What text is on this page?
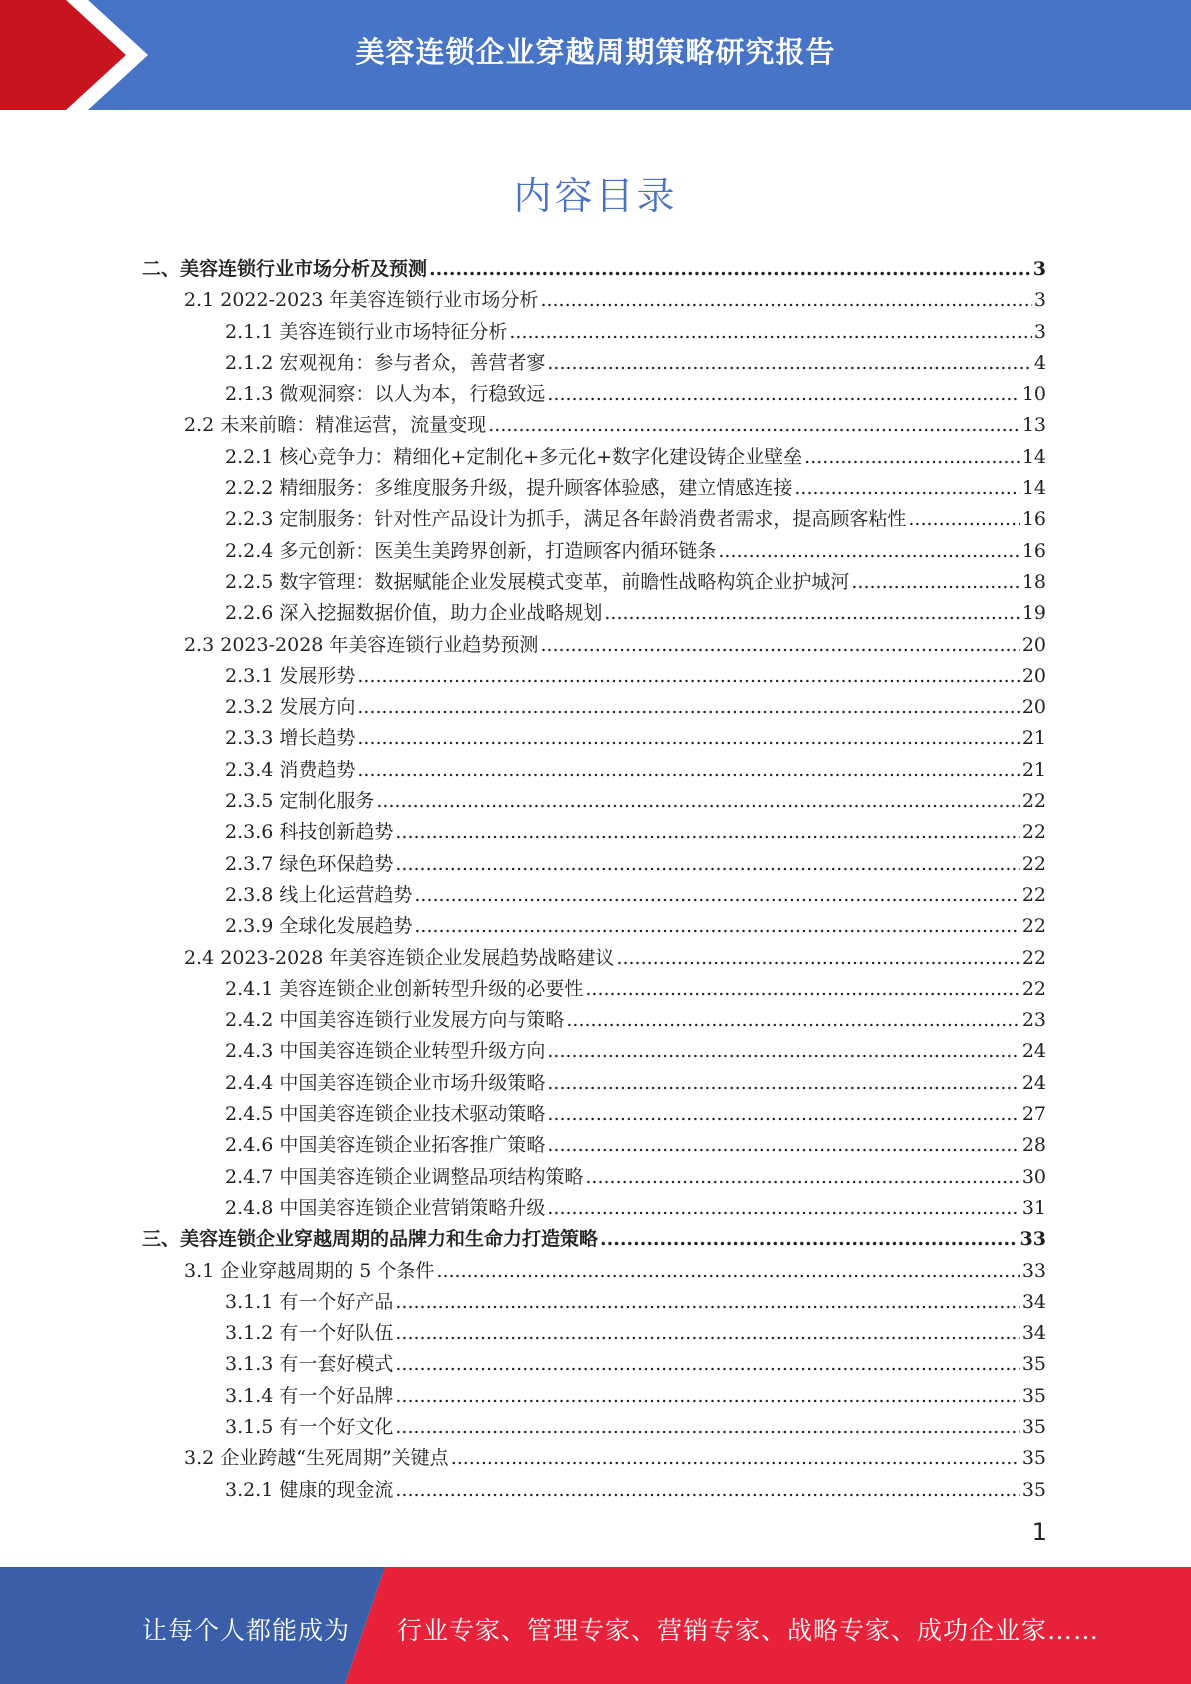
美容连锁企业穿越周期策略研究报告
内容目录
二、美容连锁行业市场分析及预测 .....	3
2.1 2022-2023 年美容连锁行业市场分析 .....	3
2.1.1 美容连锁行业市场特征分析 .....	3
2.1.2 宏观视角：参与者众，善营者寥 .....	4
2.1.3 微观洞察：以人为本，行稳致远 .....	10
2.2 未来前瞻：精准运营，流量变现 .....	13
2.2.1 核心竞争力：精细化+定制化+多元化+数字化建设铸企业壁垒 .....	14
2.2.2 精细服务：多维度服务升级，提升顾客体验感，建立情感连接 .....	14
2.2.3 定制服务：针对性产品设计为抓手，满足各年龄消费者需求，提高顾客粘性 .....	16
2.2.4 多元创新：医美生美跨界创新，打造顾客内循环链条 .....	16
2.2.5 数字管理：数据赋能企业发展模式变革，前瞻性战略构筑企业护城河 .....	18
2.2.6 深入挖掘数据价值，助力企业战略规划 .....	19
2.3 2023-2028 年美容连锁行业趋势预测 .....	20
2.3.1 发展形势 .....	20
2.3.2 发展方向 .....	20
2.3.3 增长趋势 .....	21
2.3.4 消费趋势 .....	21
2.3.5 定制化服务 .....	22
2.3.6 科技创新趋势 .....	22
2.3.7 绿色环保趋势 .....	22
2.3.8 线上化运营趋势 .....	22
2.3.9 全球化发展趋势 .....	22
2.4 2023-2028 年美容连锁企业发展趋势战略建议 .....	22
2.4.1 美容连锁企业创新转型升级的必要性 .....	22
2.4.2 中国美容连锁行业发展方向与策略 .....	23
2.4.3 中国美容连锁企业转型升级方向 .....	24
2.4.4 中国美容连锁企业市场升级策略 .....	24
2.4.5 中国美容连锁企业技术驱动策略 .....	27
2.4.6 中国美容连锁企业拓客推广策略 .....	28
2.4.7 中国美容连锁企业调整品项结构策略 .....	30
2.4.8 中国美容连锁企业营销策略升级 .....	31
三、美容连锁企业穿越周期的品牌力和生命力打造策略 .....	33
3.1 企业穿越周期的 5 个条件 .....	33
3.1.1 有一个好产品 .....	34
3.1.2 有一个好队伍 .....	34
3.1.3 有一套好模式 .....	35
3.1.4 有一个好品牌 .....	35
3.1.5 有一个好文化 .....	35
3.2 企业跨越“生死周期”关键点 .....	35
3.2.1 健康的现金流 .....	35
1
让每个人都能成为 行业专家、管理专家、营销专家、战略专家、成功企业家……
